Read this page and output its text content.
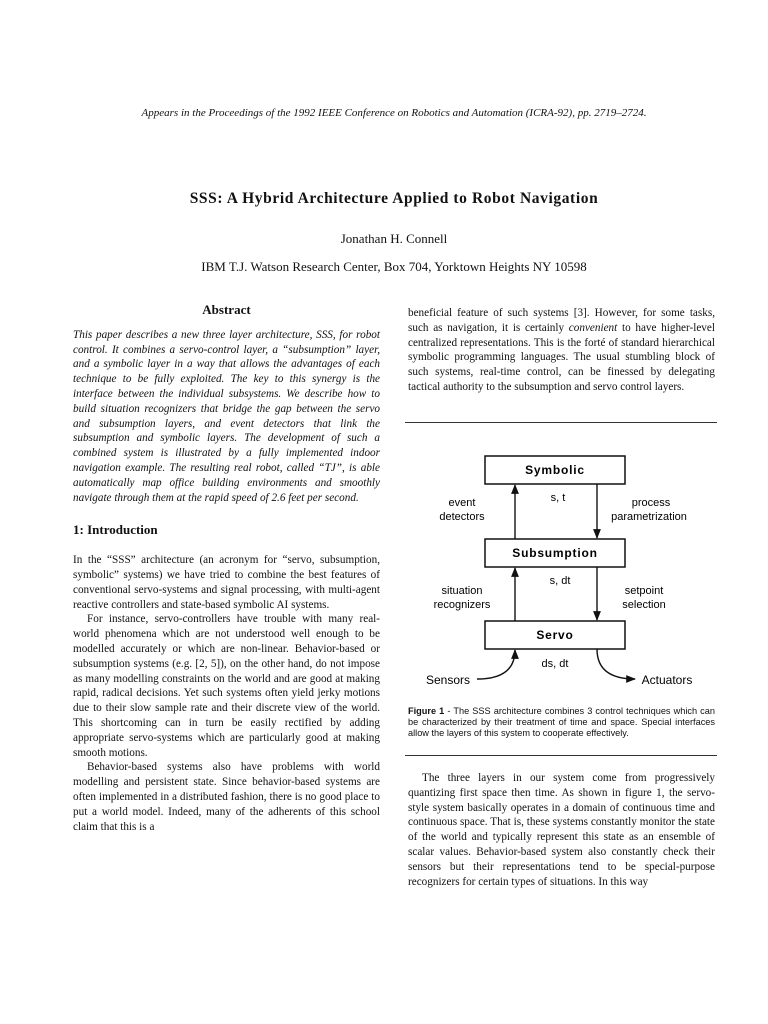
Appears in the Proceedings of the 1992 IEEE Conference on Robotics and Automation (ICRA-92), pp. 2719–2724.
SSS: A Hybrid Architecture Applied to Robot Navigation
Jonathan H. Connell
IBM T.J. Watson Research Center, Box 704, Yorktown Heights NY 10598
Abstract

This paper describes a new three layer architecture, SSS, for robot control. It combines a servo-control layer, a “subsumption” layer, and a symbolic layer in a way that allows the advantages of each technique to be fully exploited. The key to this synergy is the interface between the individual subsystems. We describe how to build situation recognizers that bridge the gap between the servo and subsumption layers, and event detectors that link the subsumption and symbolic layers. The development of such a combined system is illustrated by a fully implemented indoor navigation example. The resulting real robot, called “TJ”, is able automatically map office building environments and smoothly navigate through them at the rapid speed of 2.6 feet per second.

1: Introduction

In the “SSS” architecture (an acronym for “servo, subsumption, symbolic” systems) we have tried to combine the best features of conventional servo-systems and signal processing, with multi-agent reactive controllers and state-based symbolic AI systems.

For instance, servo-controllers have trouble with many real-world phenomena which are not understood well enough to be modelled accurately or which are non-linear. Behavior-based or subsumption systems (e.g. [2, 5]), on the other hand, do not impose as many modelling constraints on the world and are good at making rapid, radical decisions. Yet such systems often yield jerky motions due to their slow sample rate and their discrete view of the world. This shortcoming can in turn be easily rectified by adding appropriate servo-systems which are particularly good at making smooth motions.

Behavior-based systems also have problems with world modelling and persistent state. Since behavior-based systems are often implemented in a distributed fashion, there is no good place to put a world model. Indeed, many of the adherents of this school claim that this is a

beneficial feature of such systems [3]. However, for some tasks, such as navigation, it is certainly convenient to have higher-level centralized representations. This is the forté of standard hierarchical symbolic programming languages. The usual stumbling block of such systems, real-time control, can be finessed by delegating tactical authority to the subsumption and servo control layers.

Symbolic
Subsumption
Servo
event
detectors
process
parametrization
s, t
s, dt
situation
recognizers
setpoint
selection
ds, dt
Sensors	Actuators
Figure 1 - The SSS architecture combines 3 control techniques which can be characterized by their treatment of time and space. Special interfaces allow the layers of this system to cooperate effectively.

The three layers in our system come from progressively quantizing first space then time. As shown in figure 1, the servo-style system basically operates in a domain of continuous time and continuous space. That is, these systems constantly monitor the state of the world and typically represent this state as an ensemble of scalar values. Behavior-based system also constantly check their sensors but their representations tend to be special-purpose recognizers for certain types of situations. In this way
